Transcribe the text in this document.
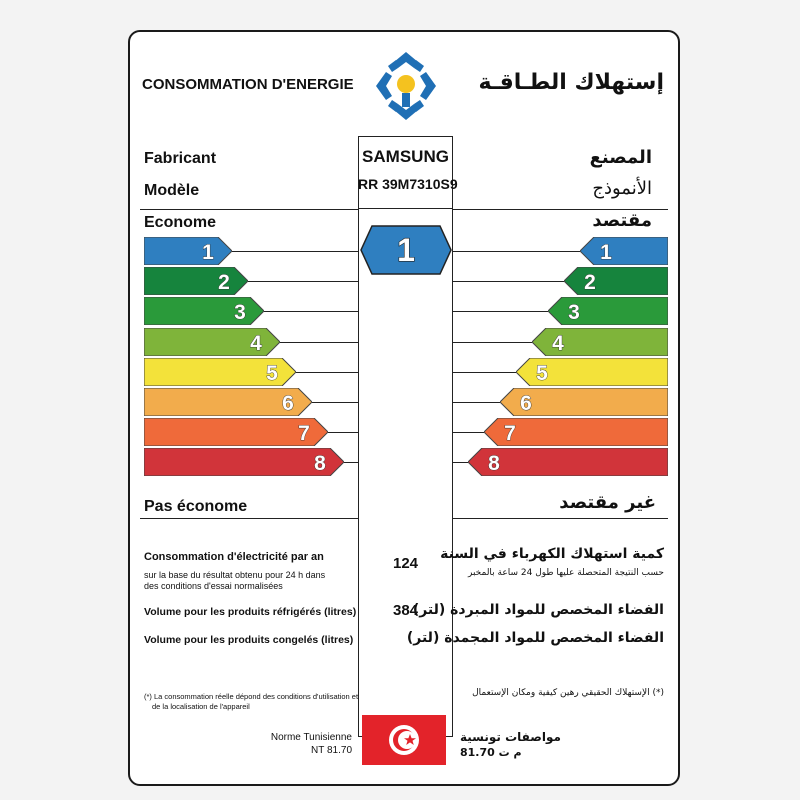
CONSOMMATION D'ENERGIE	إستهلاك الطـاقـة
SAMSUNG
RR 39M7310S9
Fabricant	المصنع
Modèle	الأنموذج
Econome	مقتصد
1	1
2	2
3	3
4	4
5	5
6	6
7	7
8	8
1
Pas économe	غير مقتصد
Consommation d'électricité par an
sur la base du résultat obtenu pour 24 h dans
des conditions d'essai normalisées
124
كمية استهلاك الكهرباء في السنة
حسب النتيجة المتحصلة عليها طول 24 ساعة بالمخبر
Volume pour les produits réfrigérés (litres)	384
الفضاء المخصص للمواد المبردة (لتر)
Volume pour les produits congelés (litres)	الفضاء المخصص للمواد المجمدة (لتر)
(*) La consommation réelle dépond des conditions d'utilisation et
de la localisation de l'appareil
(*) الإستهلاك الحقيقي رهين كيفية ومكان الإستعمال
Norme Tunisienne
NT 81.70
مواصفات تونسية
م ت 81.70
